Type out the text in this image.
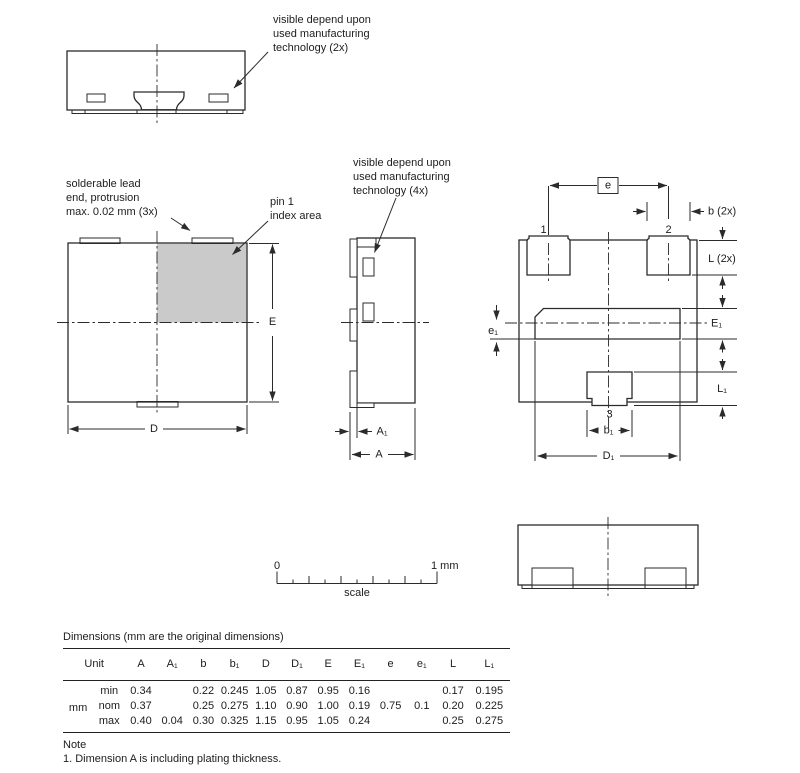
visible depend upon
used manufacturing
technology (2x)
E
D
solderable lead
end, protrusion
max. 0.02 mm (3x)
pin 1
index area
visible depend upon
used manufacturing
technology (4x)
A₁
A
e
1	2
b (2x)
L (2x)
E₁
e₁
L₁
b₁
D₁
3
0	1 mm
scale
Dimensions (mm are the original dimensions)
Unit		A	A₁	b	b₁	D	D₁	E	E₁	e	e₁	L	L₁
mm	min	0.34		0.22	0.245	1.05	0.87	0.95	0.16			0.17	0.195
	nom	0.37		0.25	0.275	1.10	0.90	1.00	0.19	0.75	0.1	0.20	0.225
	max	0.40	0.04	0.30	0.325	1.15	0.95	1.05	0.24			0.25	0.275
Note
1. Dimension A is including plating thickness.
